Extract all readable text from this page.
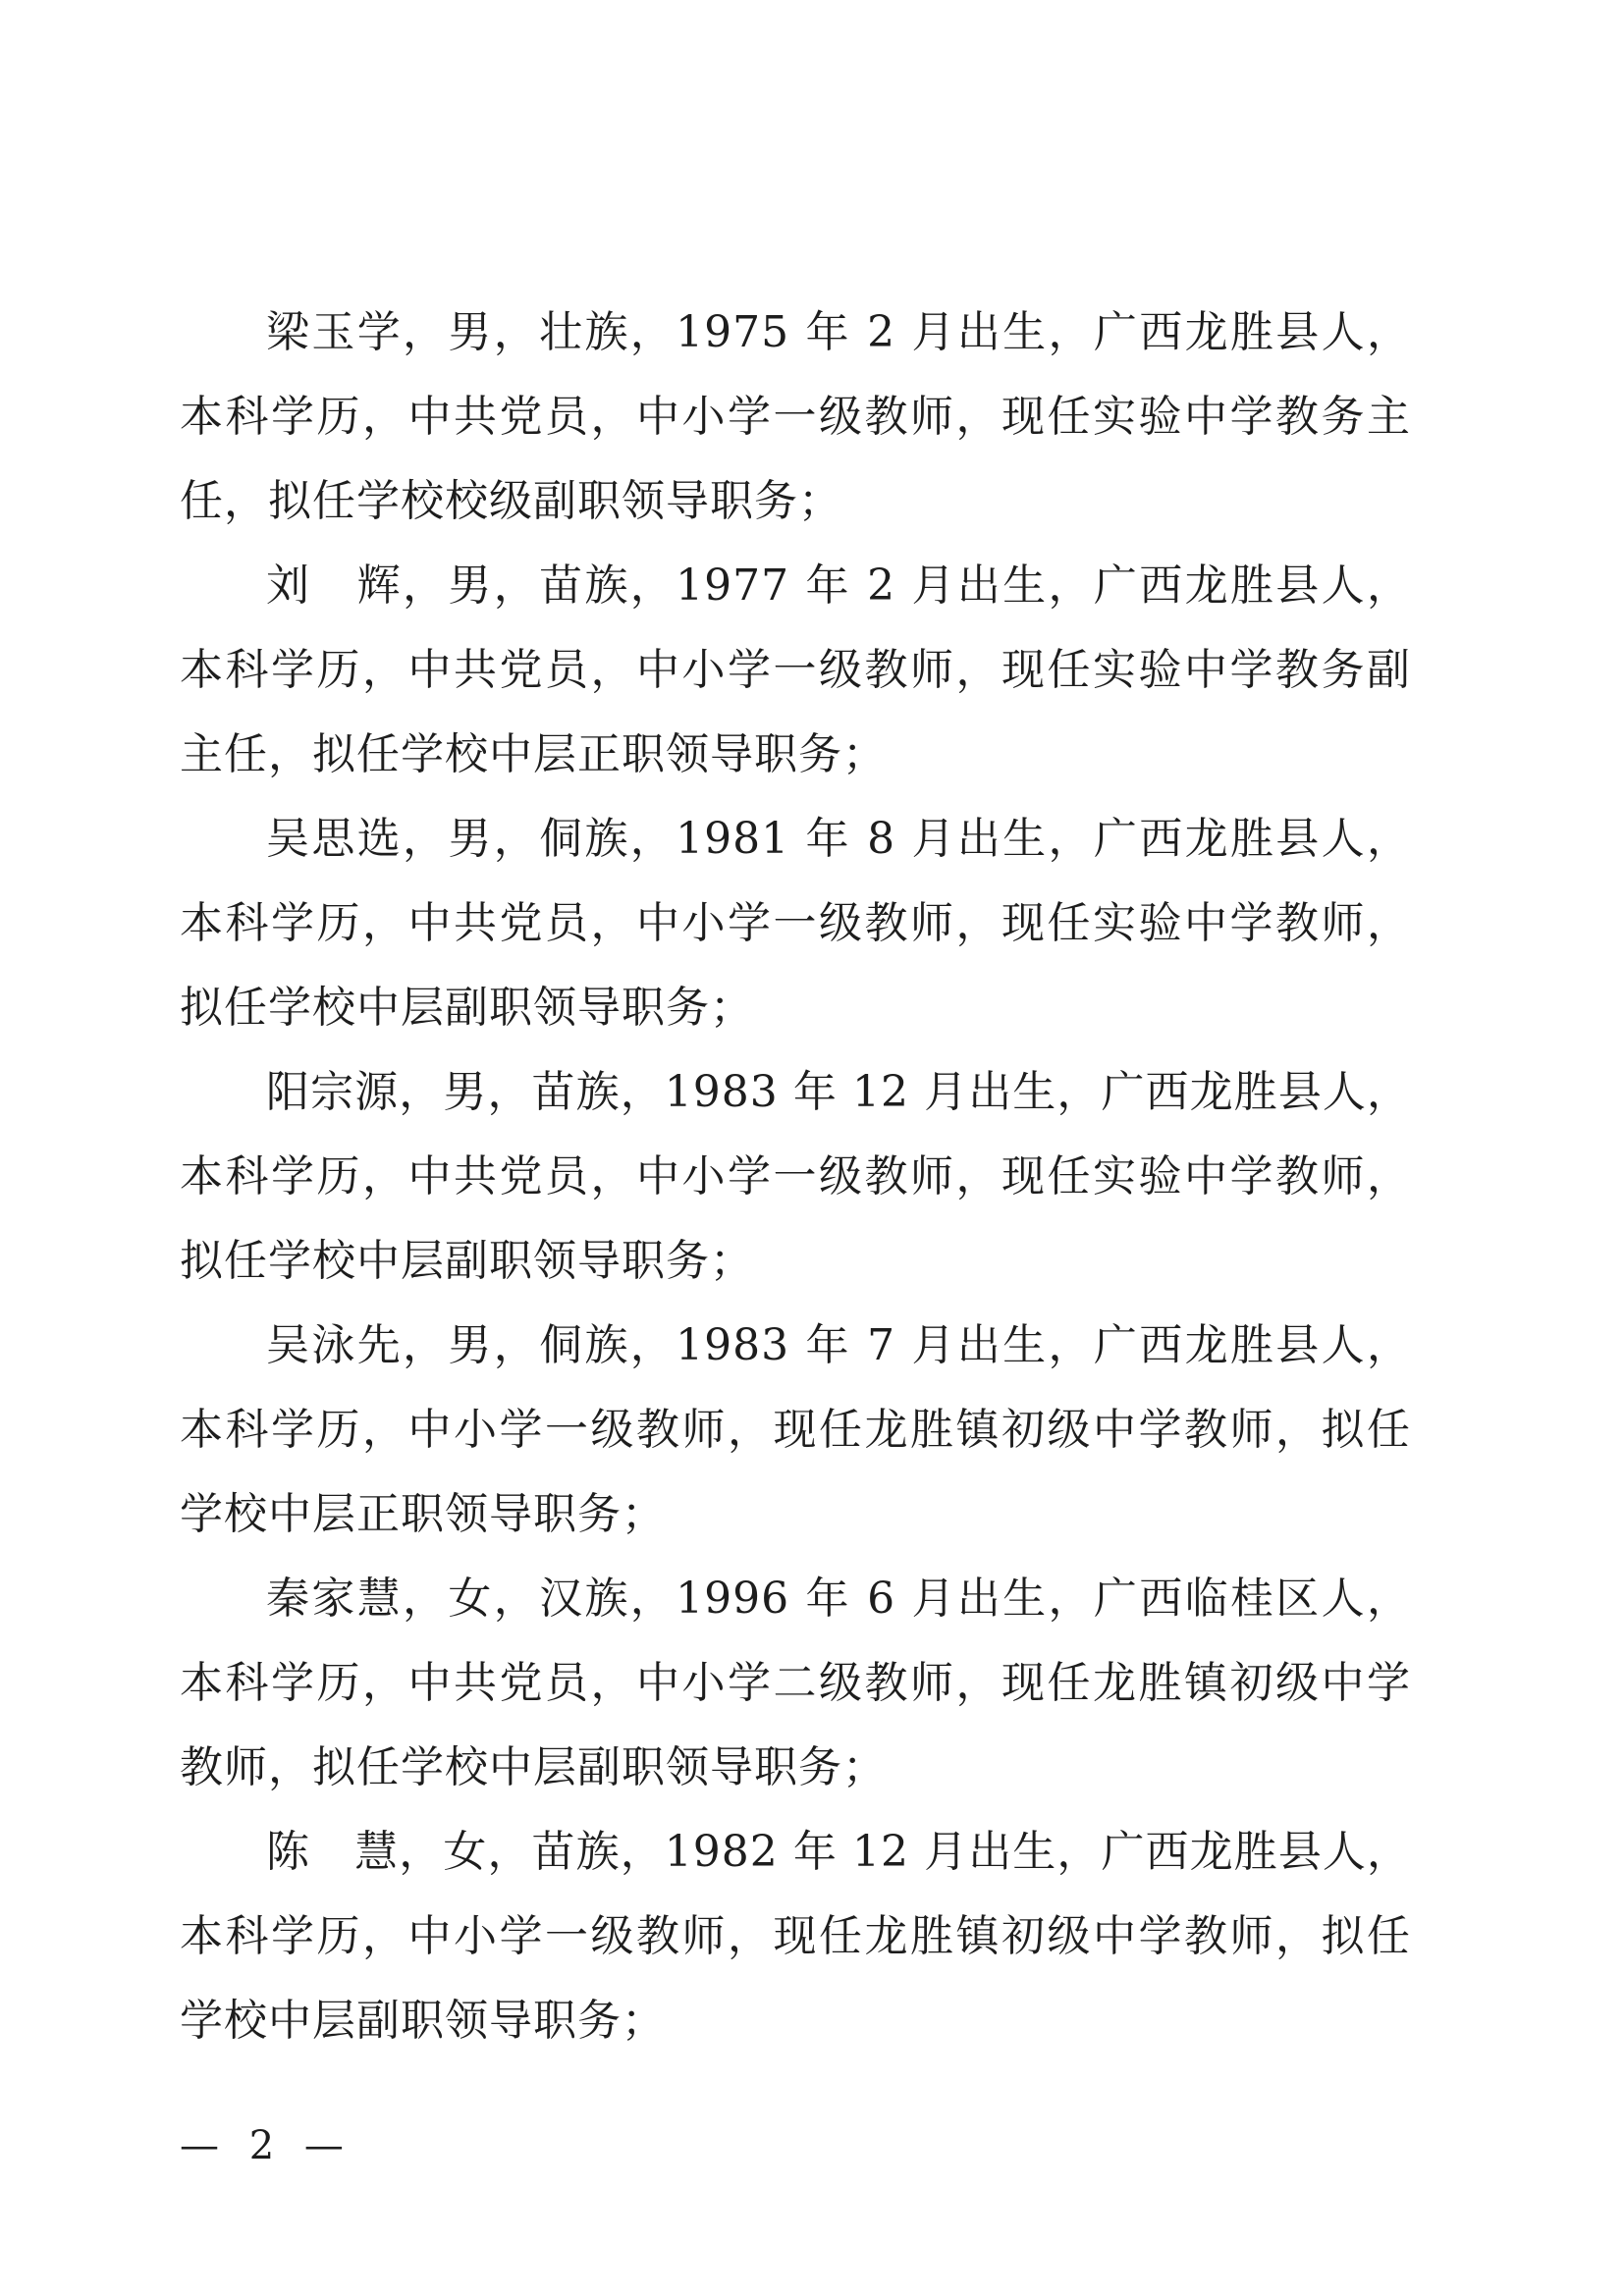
梁玉学，男，壮族，1975 年 2 月出生，广西龙胜县人，本科学历，中共党员，中小学一级教师，现任实验中学教务主任，拟任学校校级副职领导职务；

刘　辉，男，苗族，1977 年 2 月出生，广西龙胜县人，本科学历，中共党员，中小学一级教师，现任实验中学教务副主任，拟任学校中层正职领导职务；

吴思选，男，侗族，1981 年 8 月出生，广西龙胜县人，本科学历，中共党员，中小学一级教师，现任实验中学教师，拟任学校中层副职领导职务；

阳宗源，男，苗族，1983 年 12 月出生，广西龙胜县人，本科学历，中共党员，中小学一级教师，现任实验中学教师，拟任学校中层副职领导职务；

吴泳先，男，侗族，1983 年 7 月出生，广西龙胜县人，本科学历，中小学一级教师，现任龙胜镇初级中学教师，拟任学校中层正职领导职务；

秦家慧，女，汉族，1996 年 6 月出生，广西临桂区人，本科学历，中共党员，中小学二级教师，现任龙胜镇初级中学教师，拟任学校中层副职领导职务；

陈　慧，女，苗族，1982 年 12 月出生，广西龙胜县人，本科学历，中小学一级教师，现任龙胜镇初级中学教师，拟任学校中层副职领导职务；

— 2 —
